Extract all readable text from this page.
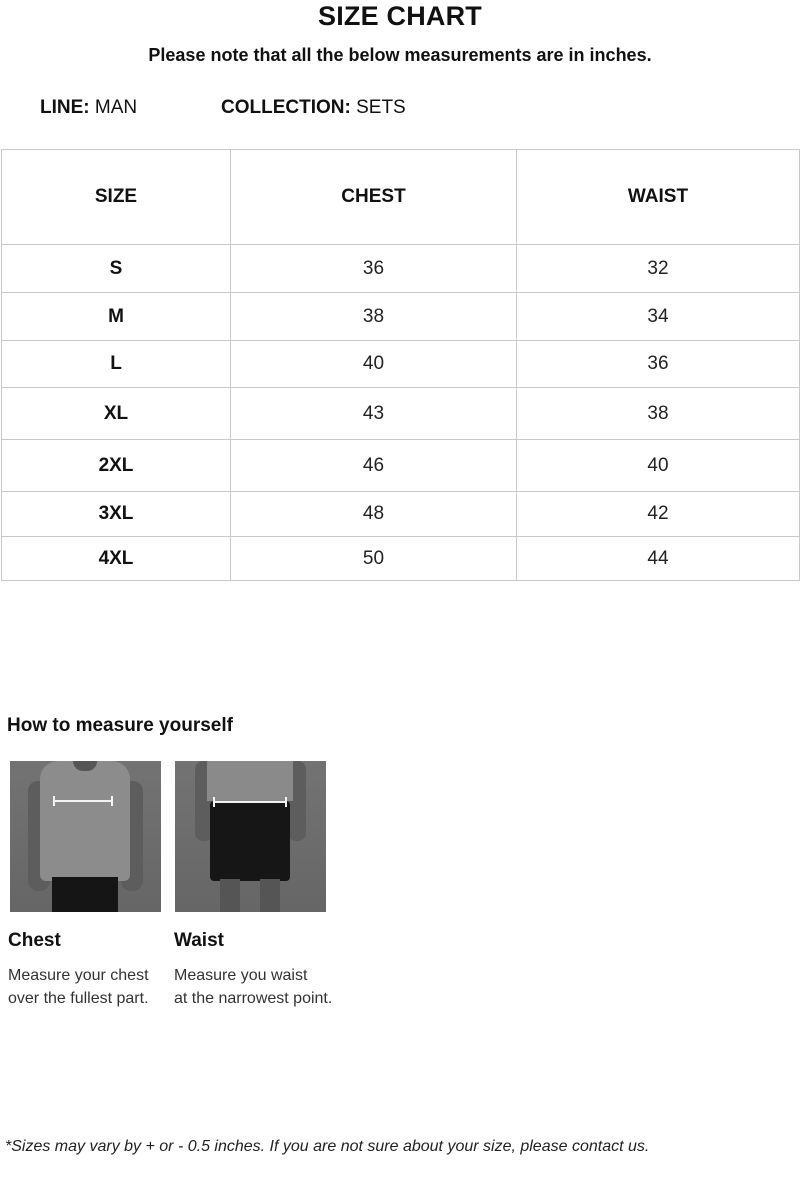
SIZE CHART
Please note that all the below measurements are in inches.
LINE: MAN	COLLECTION: SETS
SIZE	CHEST	WAIST
S	36	32
M	38	34
L	40	36
XL	43	38
2XL	46	40
3XL	48	42
4XL	50	44
How to measure yourself
Chest
Measure your chest
over the fullest part.
Waist
Measure you waist
at the narrowest point.
*Sizes may vary by + or - 0.5 inches. If you are not sure about your size, please contact us.
